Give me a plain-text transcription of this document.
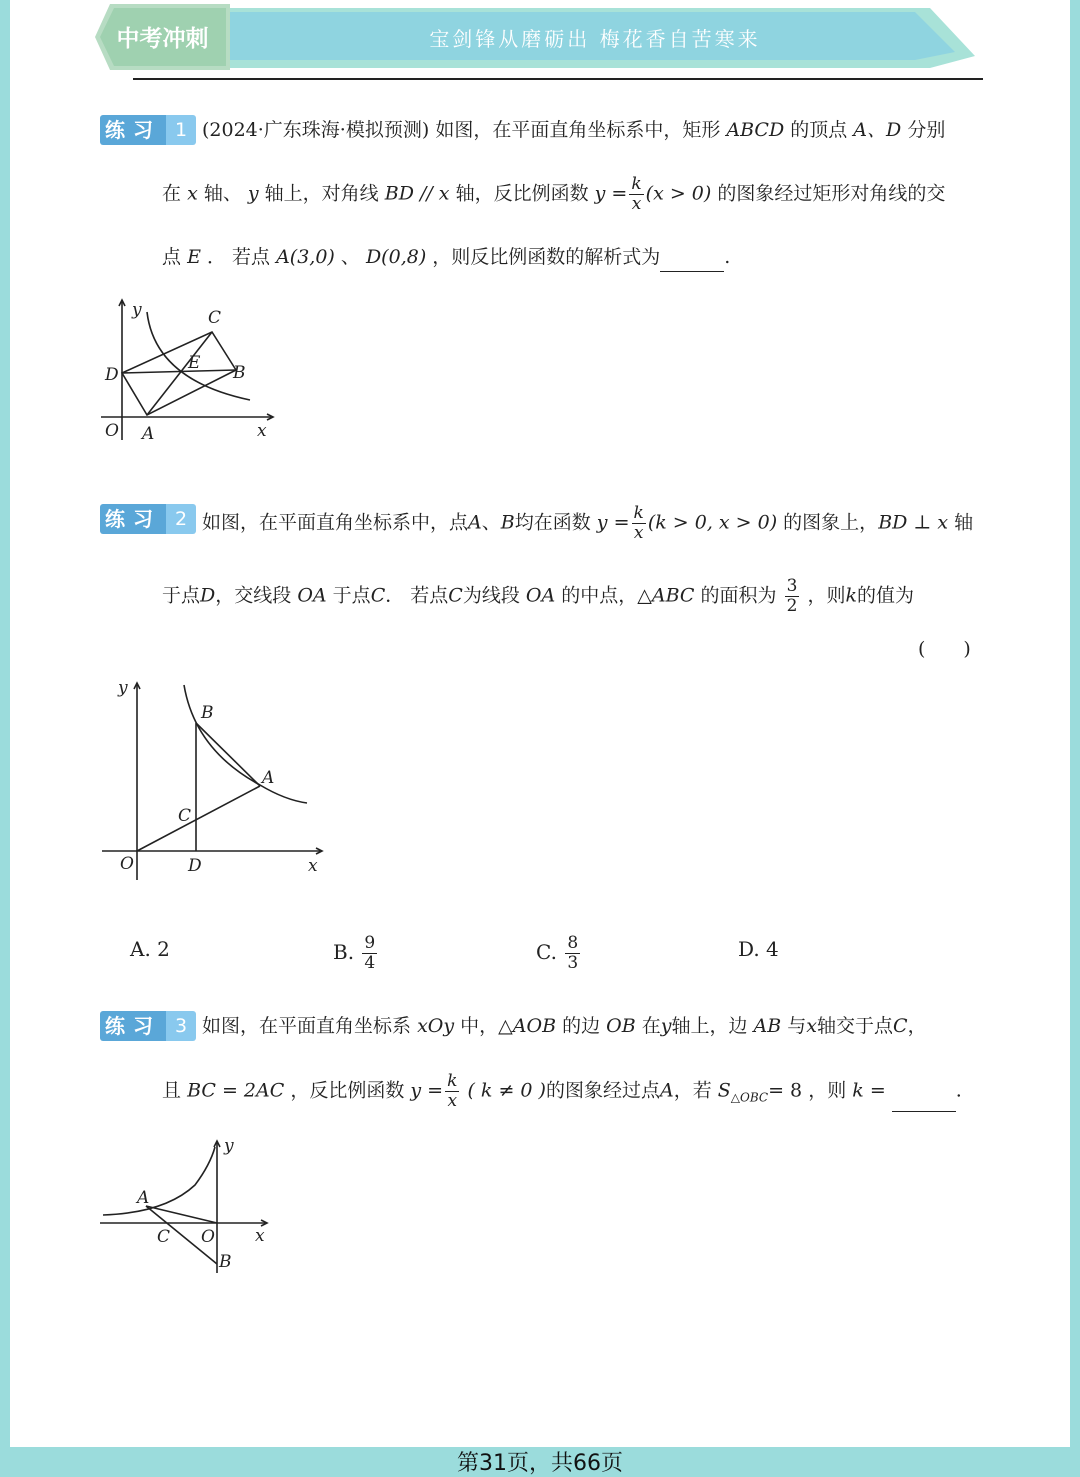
中考冲刺	宝剑锋从磨砺出 梅花香自苦寒来
练习 1 (2024·广东珠海·模拟预测) 如图，在平面直角坐标系中，矩形 ABCD 的顶点 A、D 分别
在 x 轴、 y 轴上，对角线 BD // x 轴，反比例函数 $y = \frac{k}{x} (x > 0)$ 的图象经过矩形对角线的交
点 E ． 若点 A(3,0) 、 D(0,8) ，则反比例函数的解析式为	.
y	C
E
D	B
O A	x
练习 2 如图，在平面直角坐标系中，点A、B均在函数 $y = \frac{k}{x} (k > 0$, x > 0) 的图象上，BD ⊥ x 轴
于点D，交线段 OA 于点C． 若点C为线段 OA 的中点，△ABC 的面积为 $\frac{3}{2}$ ，则k的值为
(　　)
y
B
A
C
O	D	x
A. 2	B. $\frac{9}{4}$	C. $\frac{8}{3}$	D. 4
练习 3 如图，在平面直角坐标系 xOy 中，△AOB 的边 OB 在y轴上，边 AB 与x轴交于点C，
且 BC = 2AC ，反比例函数 $y = \frac{k}{x}$ ( k ≠ 0 )的图象经过点A，若 $S_{\triangle OBC}= 8$ ，则 k =	.
y
A
C O x
B
第31页，共66页
